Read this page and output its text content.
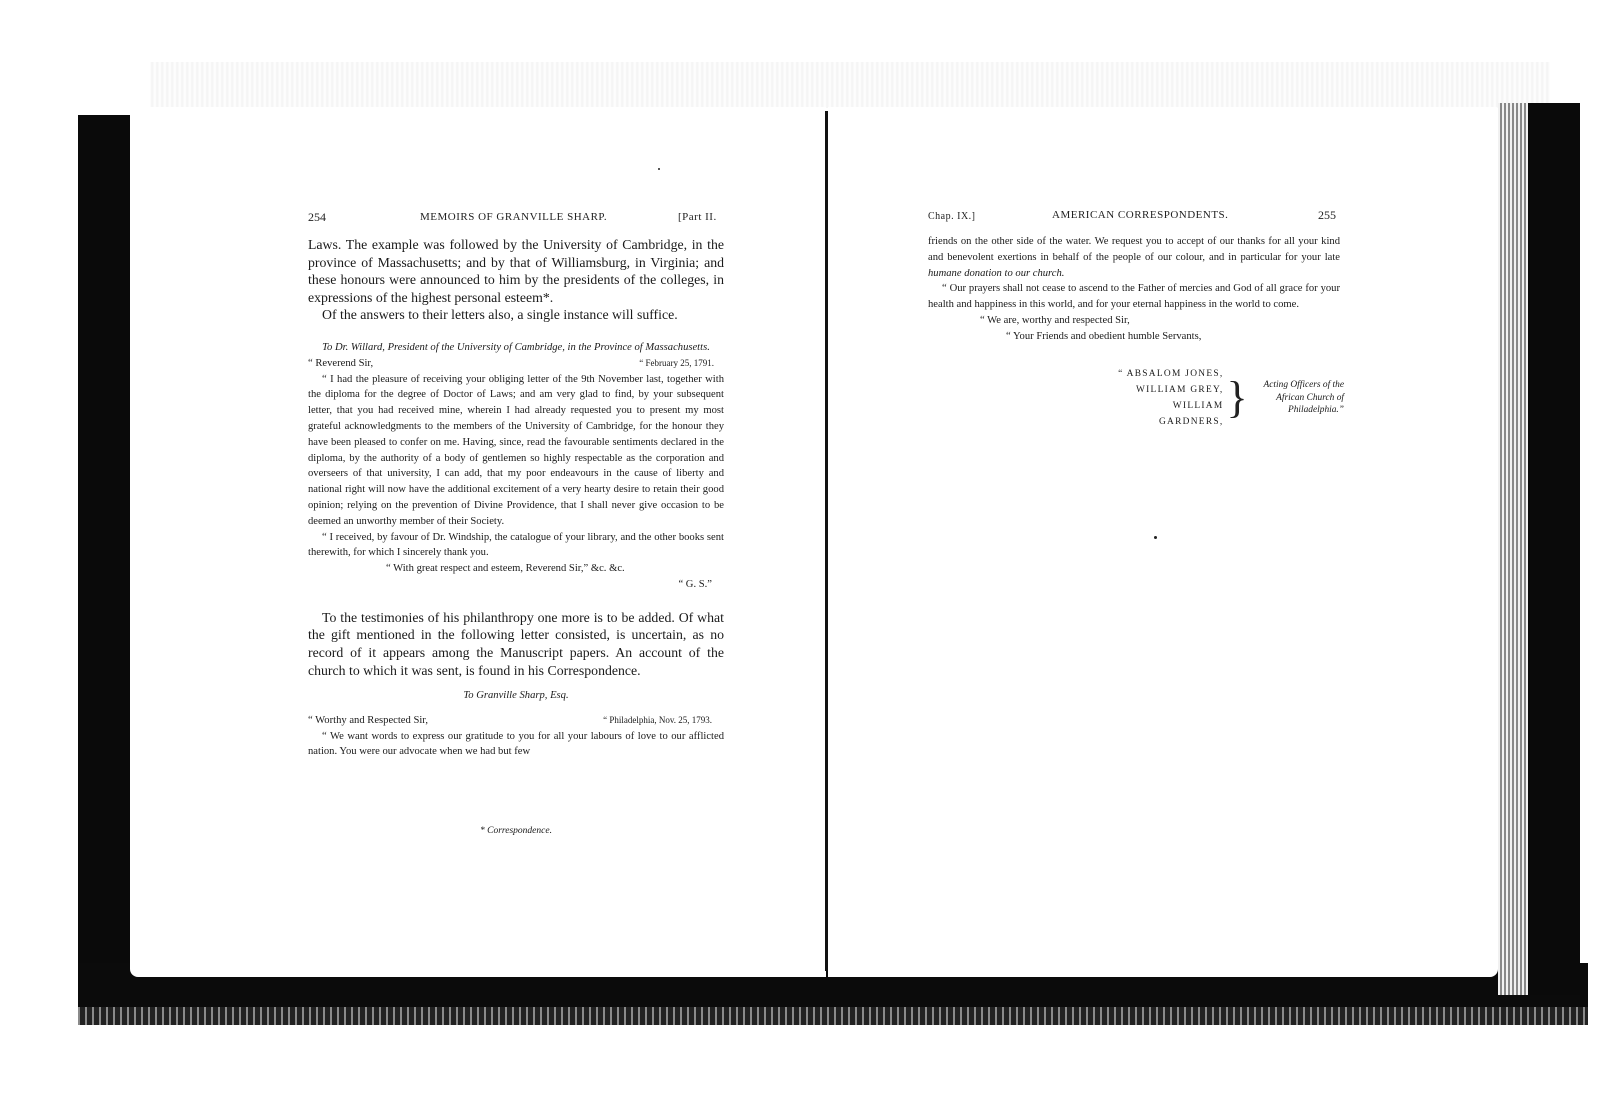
254	MEMOIRS OF GRANVILLE SHARP.	[Part II.

Laws. The example was followed by the University of Cambridge, in the province of Massachusetts; and by that of Williamsburg, in Virginia; and these honours were announced to him by the presidents of the colleges, in expressions of the highest personal esteem*.

Of the answers to their letters also, a single instance will suffice.

To Dr. Willard, President of the University of Cambridge, in the Province of Massachusetts.

“ Reverend Sir,	“ February 25, 1791.

“ I had the pleasure of receiving your obliging letter of the 9th November last, together with the diploma for the degree of Doctor of Laws; and am very glad to find, by your subsequent letter, that you had received mine, wherein I had already requested you to present my most grateful acknowledgments to the members of the University of Cambridge, for the honour they have been pleased to confer on me. Having, since, read the favourable sentiments declared in the diploma, by the authority of a body of gentlemen so highly respectable as the corporation and overseers of that university, I can add, that my poor endeavours in the cause of liberty and national right will now have the additional excitement of a very hearty desire to retain their good opinion; relying on the prevention of Divine Providence, that I shall never give occasion to be deemed an unworthy member of their Society.

“ I received, by favour of Dr. Windship, the catalogue of your library, and the other books sent therewith, for which I sincerely thank you.

“ With great respect and esteem, Reverend Sir,” &c. &c.

“ G. S.”

To the testimonies of his philanthropy one more is to be added. Of what the gift mentioned in the following letter consisted, is uncertain, as no record of it appears among the Manuscript papers. An account of the church to which it was sent, is found in his Correspondence.

To Granville Sharp, Esq.

“ Worthy and Respected Sir,	“ Philadelphia, Nov. 25, 1793.

“ We want words to express our gratitude to you for all your labours of love to our afflicted nation. You were our advocate when we had but few

* Correspondence.
Chap. IX.]	AMERICAN CORRESPONDENTS.	255

friends on the other side of the water. We request you to accept of our thanks for all your kind and benevolent exertions in behalf of the people of our colour, and in particular for your late humane donation to our church.

“ Our prayers shall not cease to ascend to the Father of mercies and God of all grace for your health and happiness in this world, and for your eternal happiness in the world to come.

“ We are, worthy and respected Sir,

“ Your Friends and obedient humble Servants,

“ ABSALOM JONES,
WILLIAM GREY,
WILLIAM GARDNERS, }	Acting Officers of the
African Church of
Philadelphia.”
